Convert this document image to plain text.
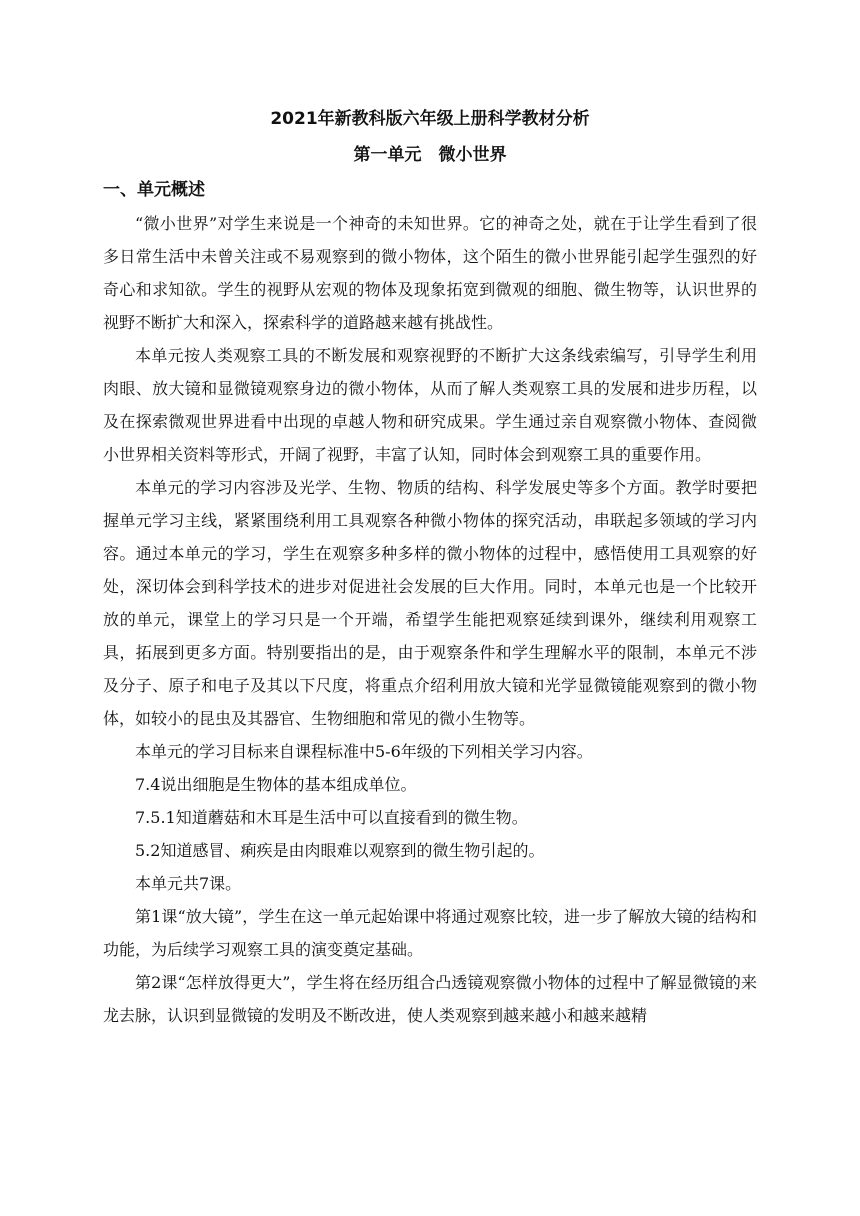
2021年新教科版六年级上册科学教材分析
第一单元　微小世界
一、单元概述

“微小世界”对学生来说是一个神奇的未知世界。它的神奇之处，就在于让学生看到了很多日常生活中未曾关注或不易观察到的微小物体，这个陌生的微小世界能引起学生强烈的好奇心和求知欲。学生的视野从宏观的物体及现象拓宽到微观的细胞、微生物等，认识世界的视野不断扩大和深入，探索科学的道路越来越有挑战性。

本单元按人类观察工具的不断发展和观察视野的不断扩大这条线索编写，引导学生利用肉眼、放大镜和显微镜观察身边的微小物体，从而了解人类观察工具的发展和进步历程，以及在探索微观世界进看中出现的卓越人物和研究成果。学生通过亲自观察微小物体、查阅微小世界相关资料等形式，开阔了视野，丰富了认知，同时体会到观察工具的重要作用。

本单元的学习内容涉及光学、生物、物质的结构、科学发展史等多个方面。教学时要把握单元学习主线，紧紧围绕利用工具观察各种微小物体的探究活动，串联起多领域的学习内容。通过本单元的学习，学生在观察多种多样的微小物体的过程中，感悟使用工具观察的好处，深切体会到科学技术的进步对促进社会发展的巨大作用。同时，本单元也是一个比较开放的单元，课堂上的学习只是一个开端，希望学生能把观察延续到课外，继续利用观察工具，拓展到更多方面。特别要指出的是，由于观察条件和学生理解水平的限制，本单元不涉及分子、原子和电子及其以下尺度，将重点介绍利用放大镜和光学显微镜能观察到的微小物体，如较小的昆虫及其器官、生物细胞和常见的微小生物等。

本单元的学习目标来自课程标准中5-6年级的下列相关学习内容。

7.4说出细胞是生物体的基本组成单位。

7.5.1知道蘑菇和木耳是生活中可以直接看到的微生物。

5.2知道感冒、痢疾是由肉眼难以观察到的微生物引起的。

本单元共7课。

第1课“放大镜”，学生在这一单元起始课中将通过观察比较，进一步了解放大镜的结构和功能，为后续学习观察工具的演变奠定基础。

第2课“怎样放得更大”，学生将在经历组合凸透镜观察微小物体的过程中了解显微镜的来龙去脉，认识到显微镜的发明及不断改进，使人类观察到越来越小和越来越精
